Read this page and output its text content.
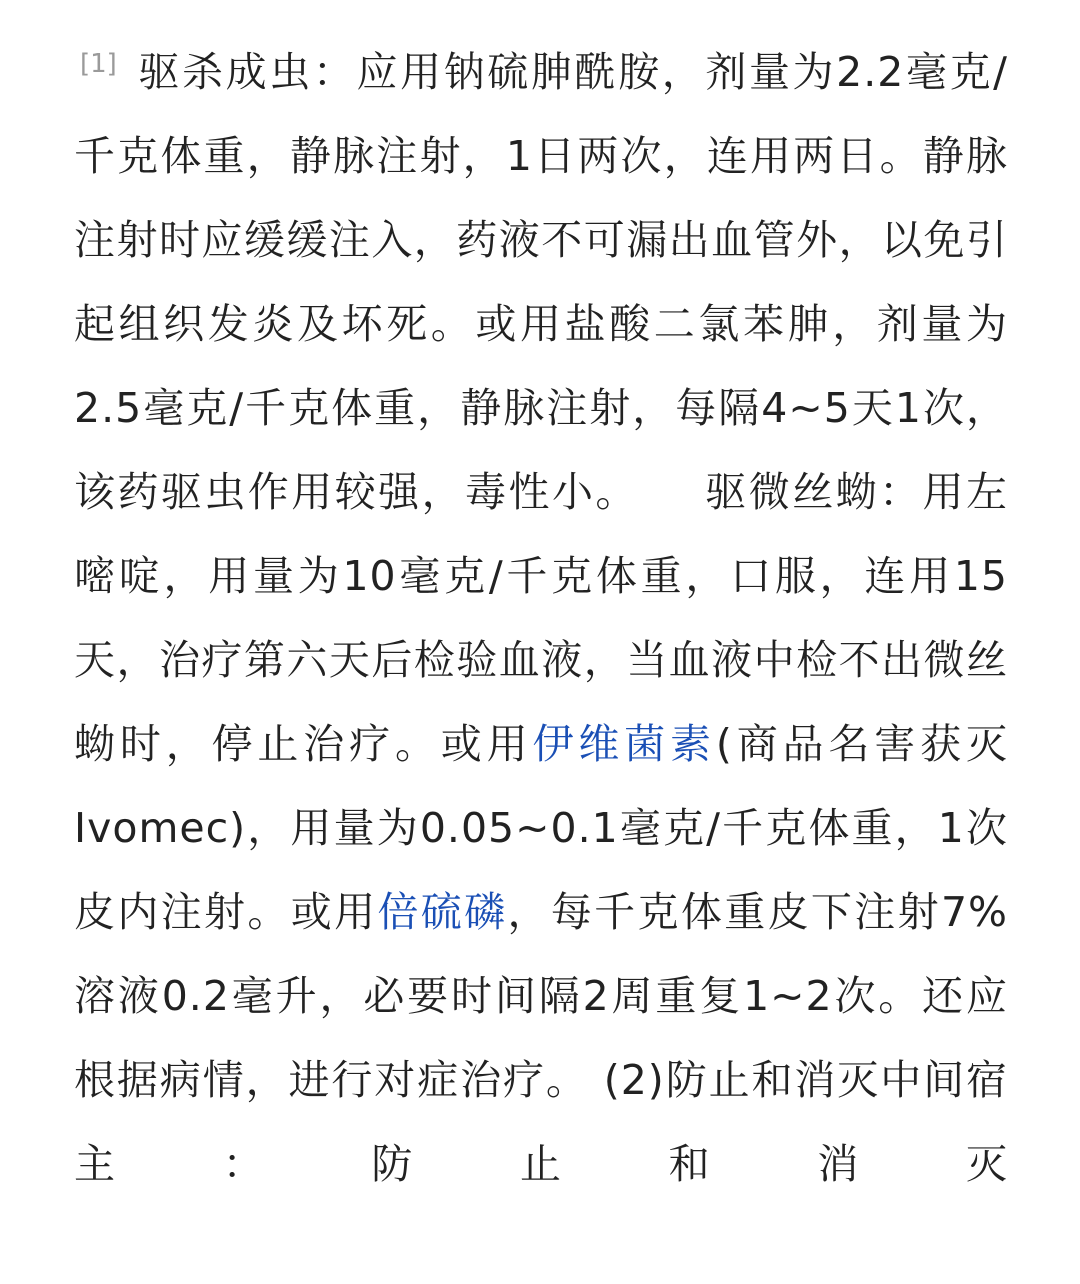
[1] 驱杀成虫：应用钠硫胂酰胺，剂量为2.2毫克/千克体重，静脉注射，1日两次，连用两日。静脉注射时应缓缓注入，药液不可漏出血管外，以免引起组织发炎及坏死。或用盐酸二氯苯胂，剂量为2.5毫克/千克体重，静脉注射，每隔4~5天1次，该药驱虫作用较强，毒性小。　　驱微丝蚴：用左嘧啶，用量为10毫克/千克体重，口服，连用15天，治疗第六天后检验血液，当血液中检不出微丝蚴时，停止治疗。或用伊维菌素(商品名害获灭 Ivomec)，用量为0.05~0.1毫克/千克体重，1次皮内注射。或用倍硫磷，每千克体重皮下注射7%溶液0.2毫升，必要时间隔2周重复1~2次。还应根据病情，进行对症治疗。 (2)防止和消灭中间宿主：防止和消灭
